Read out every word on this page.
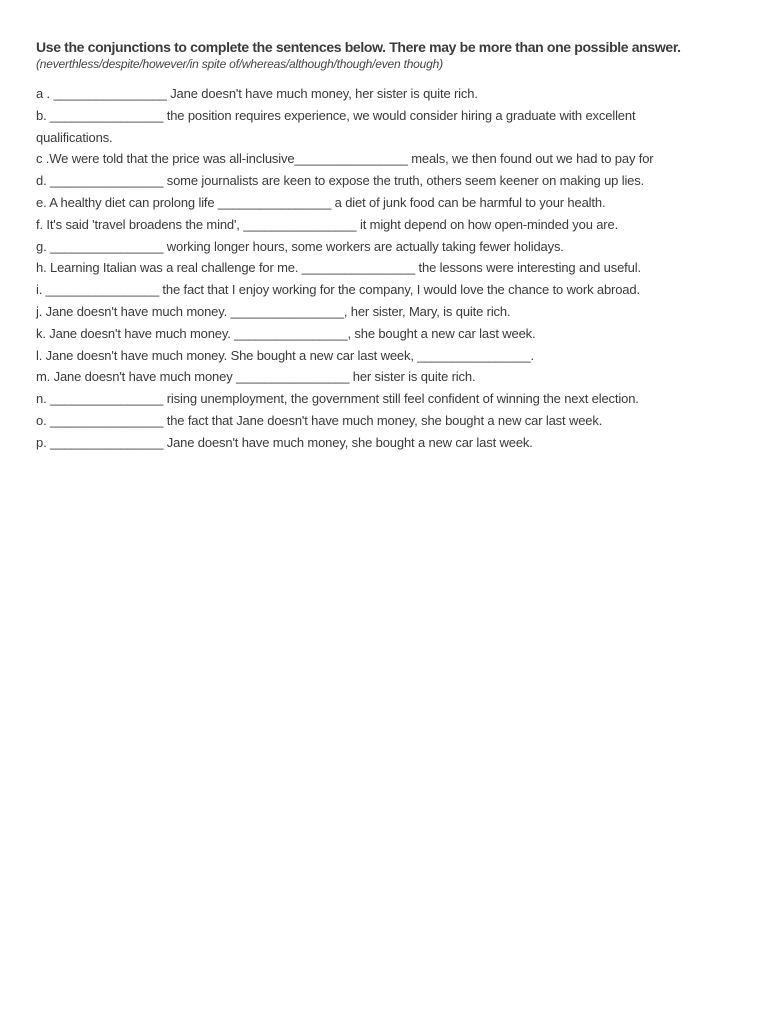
Use the conjunctions to complete the sentences below. There may be more than one possible answer.
(neverthless/despite/however/in spite of/whereas/although/though/even though)
a . ________________ Jane doesn't have much money, her sister is quite rich.
b. ________________ the position requires experience, we would consider hiring a graduate with excellent
qualifications.
c .We were told that the price was all-inclusive________________ meals, we then found out we had to pay for
d. ________________ some journalists are keen to expose the truth, others seem keener on making up lies.
e. A healthy diet can prolong life ________________ a diet of junk food can be harmful to your health.
f. It's said 'travel broadens the mind', ________________ it might depend on how open-minded you are.
g. ________________ working longer hours, some workers are actually taking fewer holidays.
h. Learning Italian was a real challenge for me. ________________ the lessons were interesting and useful.
i. ________________ the fact that I enjoy working for the company, I would love the chance to work abroad.
j. Jane doesn't have much money. ________________, her sister, Mary, is quite rich.
k. Jane doesn't have much money. ________________, she bought a new car last week.
l. Jane doesn't have much money. She bought a new car last week, ________________.
m. Jane doesn't have much money ________________ her sister is quite rich.
n. ________________ rising unemployment, the government still feel confident of winning the next election.
o. ________________ the fact that Jane doesn't have much money, she bought a new car last week.
p. ________________ Jane doesn't have much money, she bought a new car last week.
